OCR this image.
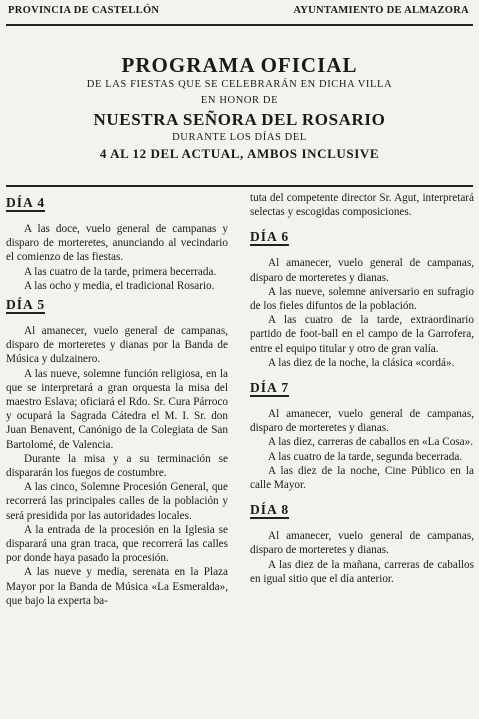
PROVINCIA DE CASTELLÓN	AYUNTAMIENTO DE ALMAZORA
PROGRAMA OFICIAL
DE LAS FIESTAS QUE SE CELEBRARÁN EN DICHA VILLA
EN HONOR DE
NUESTRA SEÑORA DEL ROSARIO
DURANTE LOS DÍAS DEL
4 AL 12 DEL ACTUAL, AMBOS INCLUSIVE
DÍA 4

A las doce, vuelo general de campanas y disparo de morteretes, anunciando al vecindario el comienzo de las fiestas.

A las cuatro de la tarde, primera becerrada.

A las ocho y media, el tradicional Rosario.

DÍA 5

Al amanecer, vuelo general de campanas, disparo de morteretes y dianas por la Banda de Música y dulzainero.

A las nueve, solemne función religiosa, en la que se interpretará a gran orquesta la misa del maestro Eslava; oficiará el Rdo. Sr. Cura Párroco y ocupará la Sagrada Cátedra el M. I. Sr. don Juan Benavent, Canónigo de la Colegiata de San Bartolomé, de Valencia.

Durante la misa y a su terminación se dispararán los fuegos de costumbre.

A las cinco, Solemne Procesión General, que recorrerá las principales calles de la población y será presidida por las autoridades locales.

A la entrada de la procesión en la Iglesia se disparará una gran traca, que recorrerá las calles por donde haya pasado la procesión.

A las nueve y media, serenata en la Plaza Mayor por la Banda de Música «La Esmeralda», que bajo la experta ba-

tuta del competente director Sr. Agut, interpretará selectas y escogidas composiciones.

DÍA 6

Al amanecer, vuelo general de campanas, disparo de morteretes y dianas.

A las nueve, solemne aniversario en sufragio de los fieles difuntos de la población.

A las cuatro de la tarde, extraordinario partido de foot-ball en el campo de la Garrofera, entre el equipo titular y otro de gran valía.

A las diez de la noche, la clásica «cordá».

DÍA 7

Al amanecer, vuelo general de campanas, disparo de morteretes y dianas.

A las diez, carreras de caballos en «La Cosa».

A las cuatro de la tarde, segunda becerrada.

A las diez de la noche, Cine Público en la calle Mayor.

DÍA 8

Al amanecer, vuelo general de campanas, disparo de morteretes y dianas.

A las diez de la mañana, carreras de caballos en igual sitio que el día anterior.
